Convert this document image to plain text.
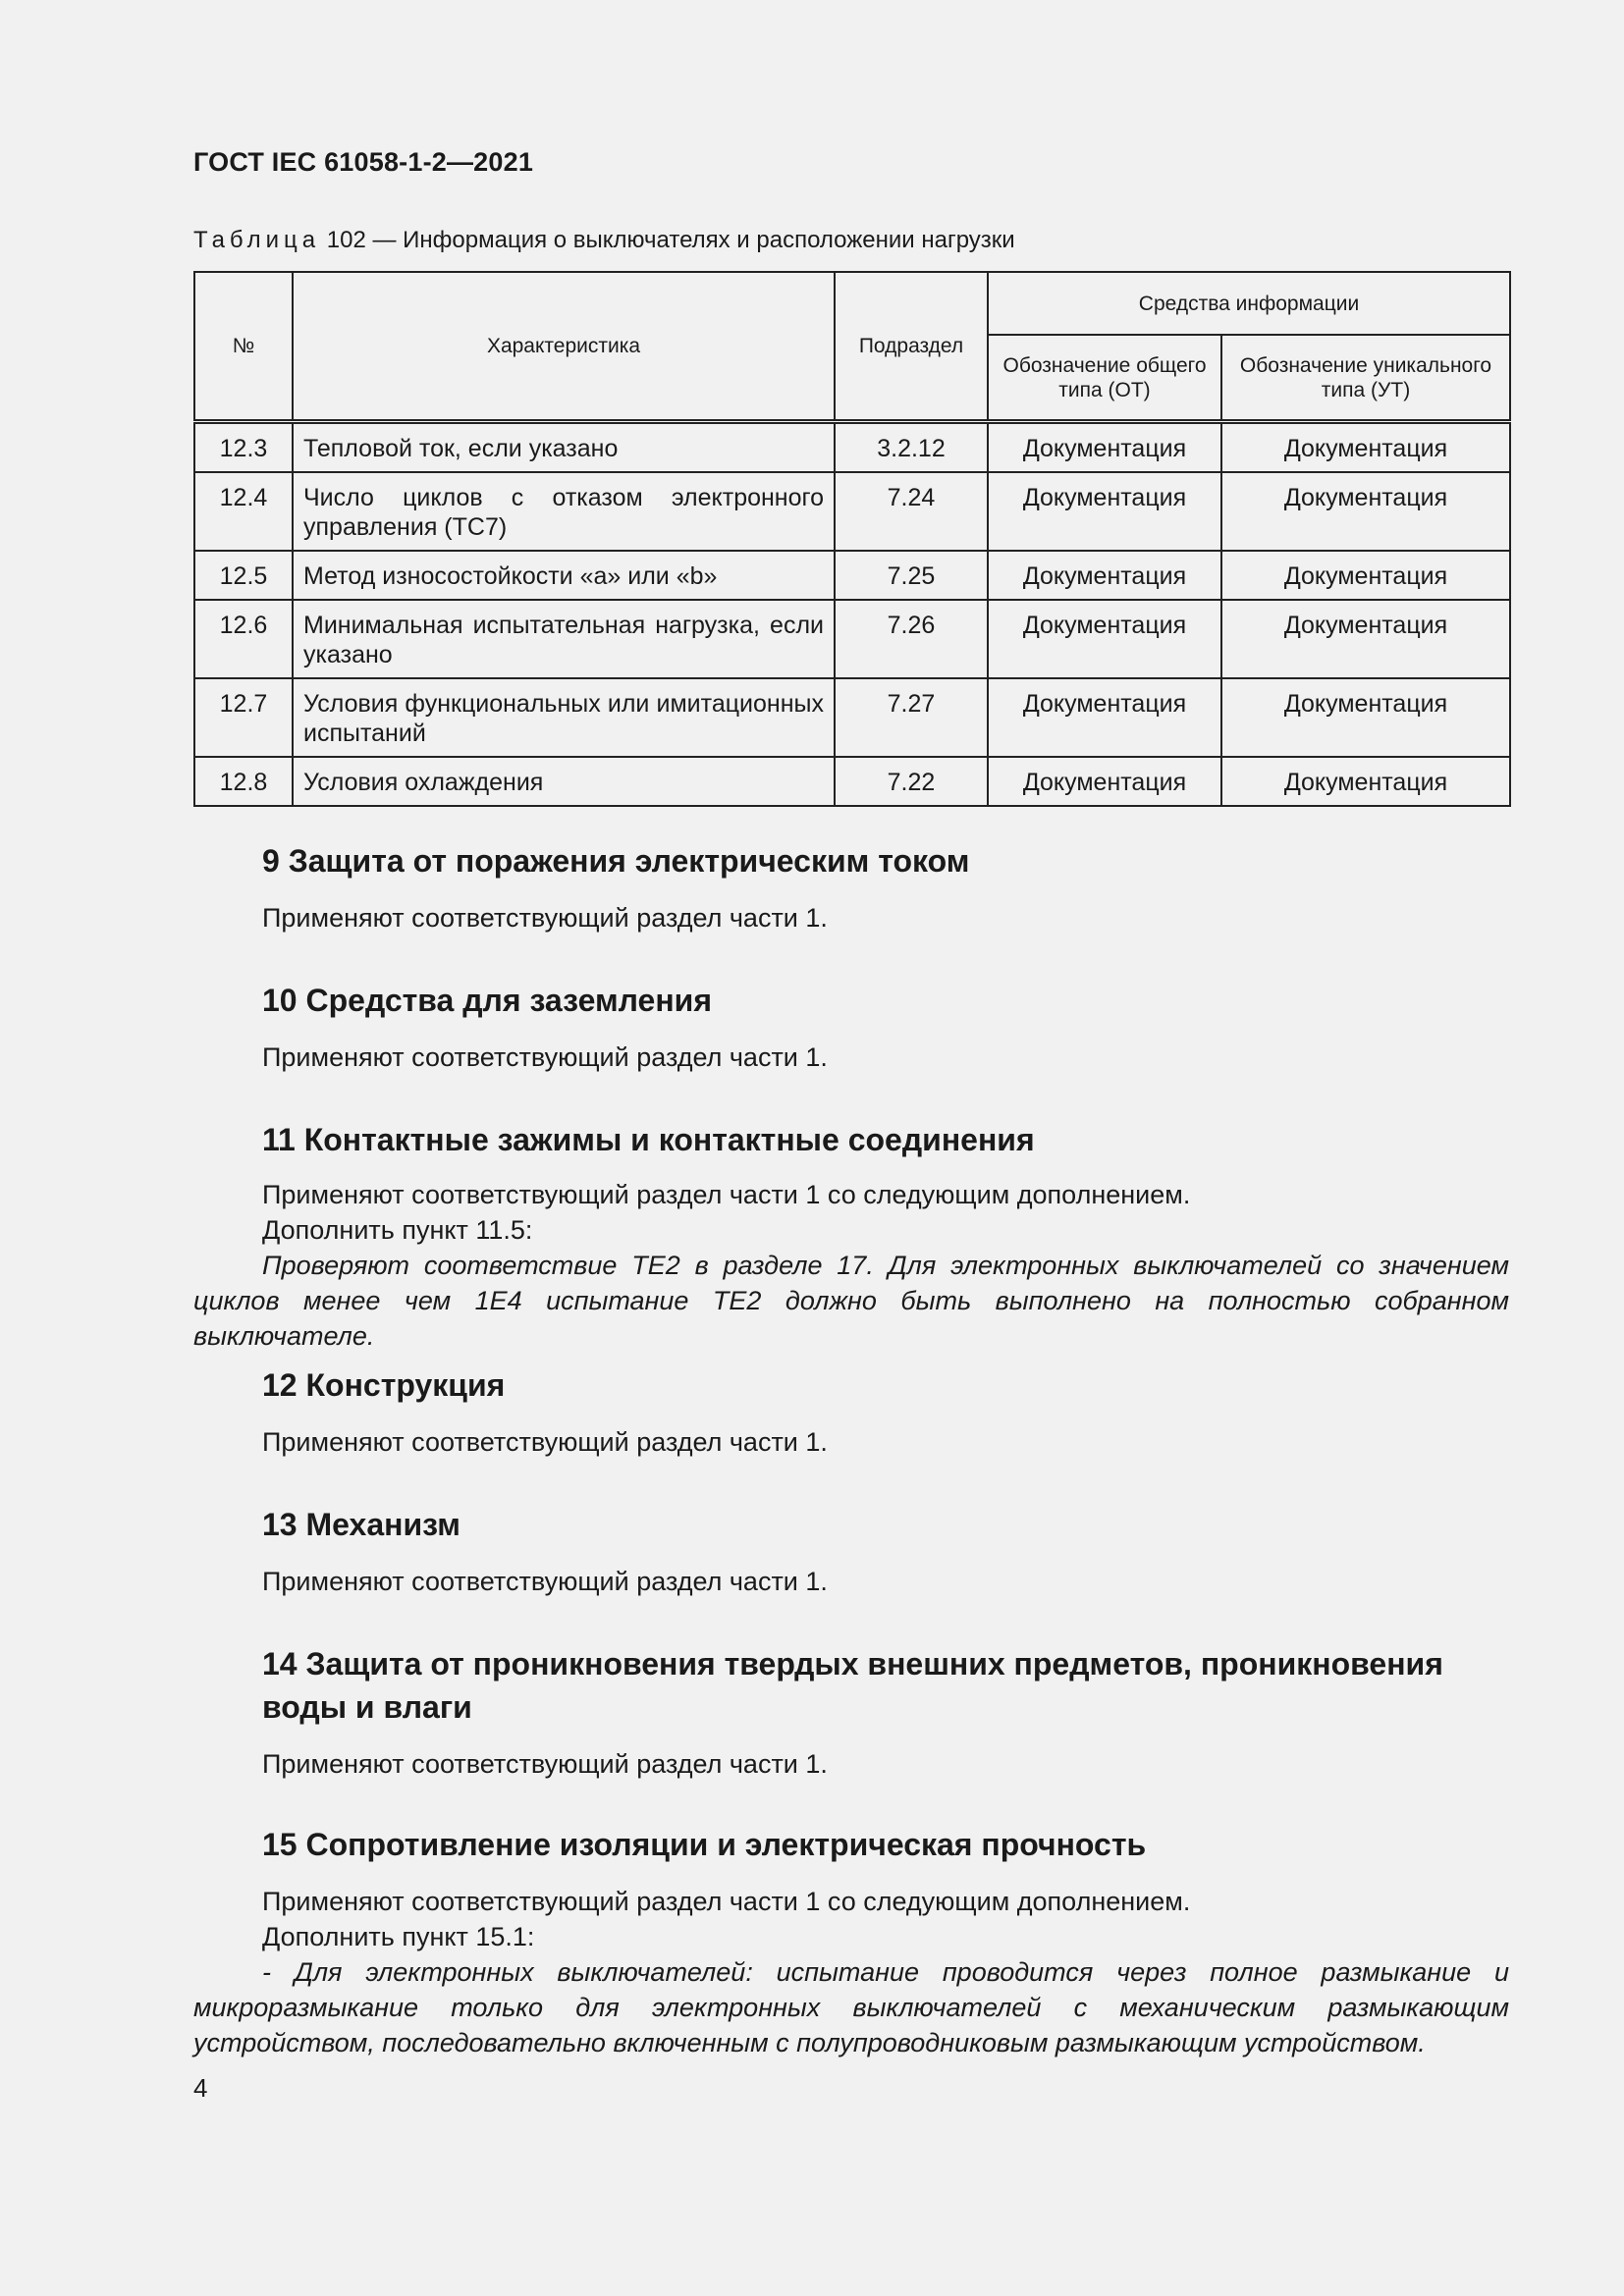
ГОСТ IEC 61058-1-2—2021
Таблица 102 — Информация о выключателях и расположении нагрузки
№	Характеристика	Подраздел	Средства информации	
			Обозначение общего типа (ОТ)	Обозначение уникального типа (УТ)
12.3	Тепловой ток, если указано	3.2.12	Документация	Документация
12.4	Число циклов с отказом электронного управления (ТС7)	7.24	Документация	Документация
12.5	Метод износостойкости «а» или «b»	7.25	Документация	Документация
12.6	Минимальная испытательная нагрузка, если указано	7.26	Документация	Документация
12.7	Условия функциональных или имитационных испытаний	7.27	Документация	Документация
12.8	Условия охлаждения	7.22	Документация	Документация
9 Защита от поражения электрическим током
Применяют соответствующий раздел части 1.
10 Средства для заземления
Применяют соответствующий раздел части 1.
11 Контактные зажимы и контактные соединения
Применяют соответствующий раздел части 1 со следующим дополнением.
Дополнить пункт 11.5:
Проверяют соответствие ТЕ2 в разделе 17. Для электронных выключателей со значением циклов менее чем 1Е4 испытание ТЕ2 должно быть выполнено на полностью собранном выключателе.
12 Конструкция
Применяют соответствующий раздел части 1.
13 Механизм
Применяют соответствующий раздел части 1.
14 Защита от проникновения твердых внешних предметов, проникновения воды и влаги
Применяют соответствующий раздел части 1.
15 Сопротивление изоляции и электрическая прочность
Применяют соответствующий раздел части 1 со следующим дополнением.
Дополнить пункт 15.1:
- Для электронных выключателей: испытание проводится через полное размыкание и микроразмыкание только для электронных выключателей с механическим размыкающим устройством, последовательно включенным с полупроводниковым размыкающим устройством.
4
